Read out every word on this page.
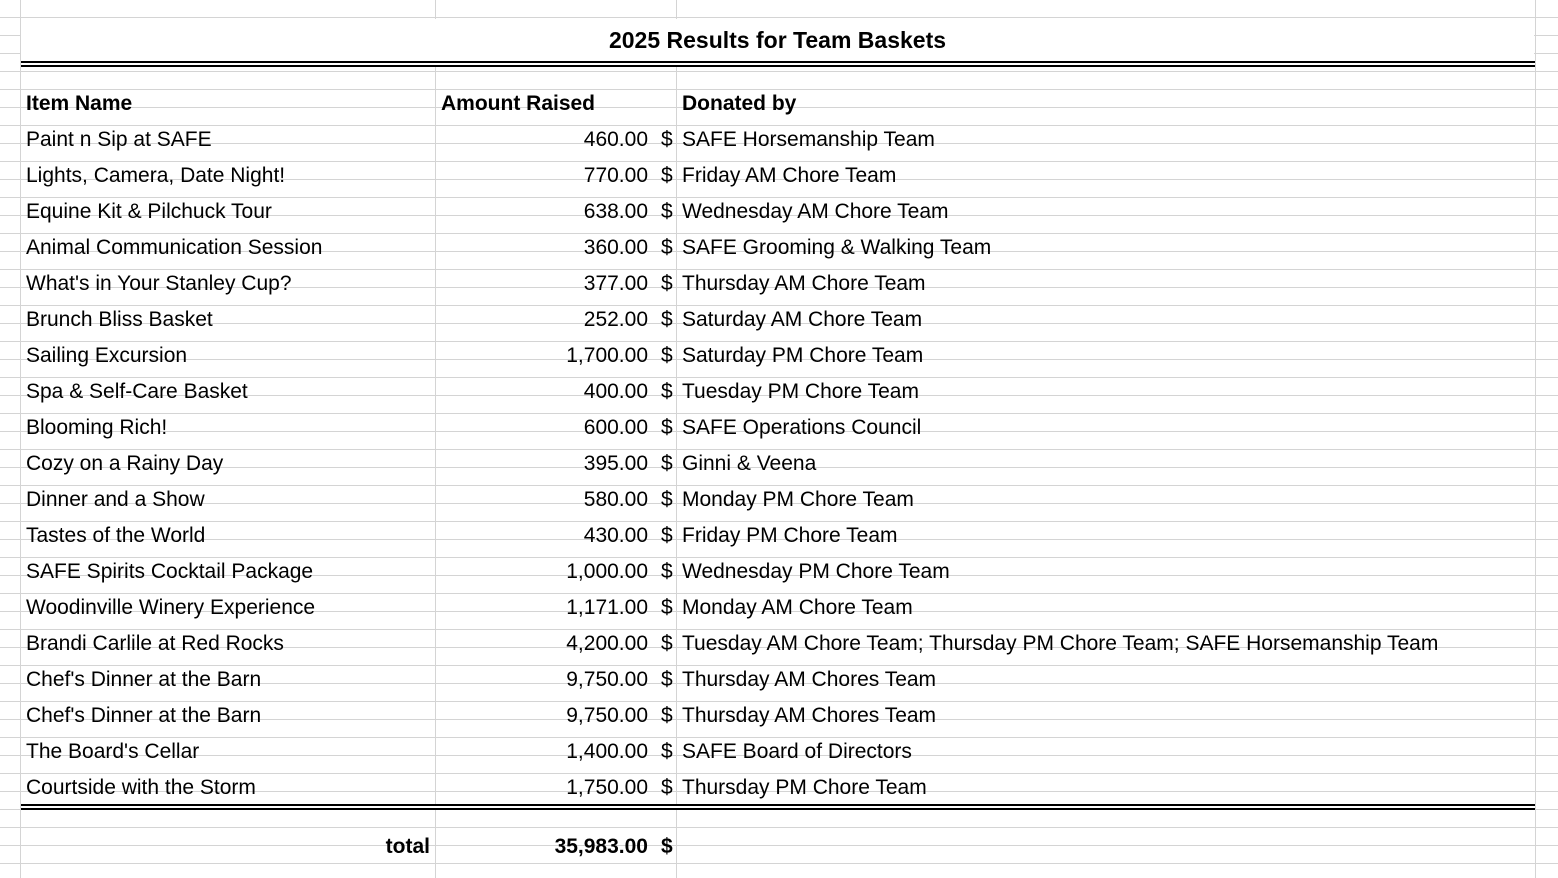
2025 Results for Team Baskets
Item Name	Amount Raised	Donated by
Paint n Sip at SAFE	460.00 $ SAFE Horsemanship Team
Lights, Camera, Date Night!	770.00 $ Friday AM Chore Team
Equine Kit & Pilchuck Tour	638.00 $ Wednesday AM Chore Team
Animal Communication Session	360.00 $ SAFE Grooming & Walking Team
What's in Your Stanley Cup?	377.00 $ Thursday AM Chore Team
Brunch Bliss Basket	252.00 $ Saturday AM Chore Team
Sailing Excursion	1,700.00 $ Saturday PM Chore Team
Spa & Self-Care Basket	400.00 $ Tuesday PM Chore Team
Blooming Rich!	600.00 $ SAFE Operations Council
Cozy on a Rainy Day	395.00 $ Ginni & Veena
Dinner and a Show	580.00 $ Monday PM Chore Team
Tastes of the World	430.00 $ Friday PM Chore Team
SAFE Spirits Cocktail Package	1,000.00 $ Wednesday PM Chore Team
Woodinville Winery Experience	1,171.00 $ Monday AM Chore Team
Brandi Carlile at Red Rocks	4,200.00 $ Tuesday AM Chore Team; Thursday PM Chore Team; SAFE Horsemanship Team
Chef's Dinner at the Barn	9,750.00 $ Thursday AM Chores Team
Chef's Dinner at the Barn	9,750.00 $ Thursday AM Chores Team
The Board's Cellar	1,400.00 $ SAFE Board of Directors
Courtside with the Storm	1,750.00 $ Thursday PM Chore Team
total	35,983.00 $
